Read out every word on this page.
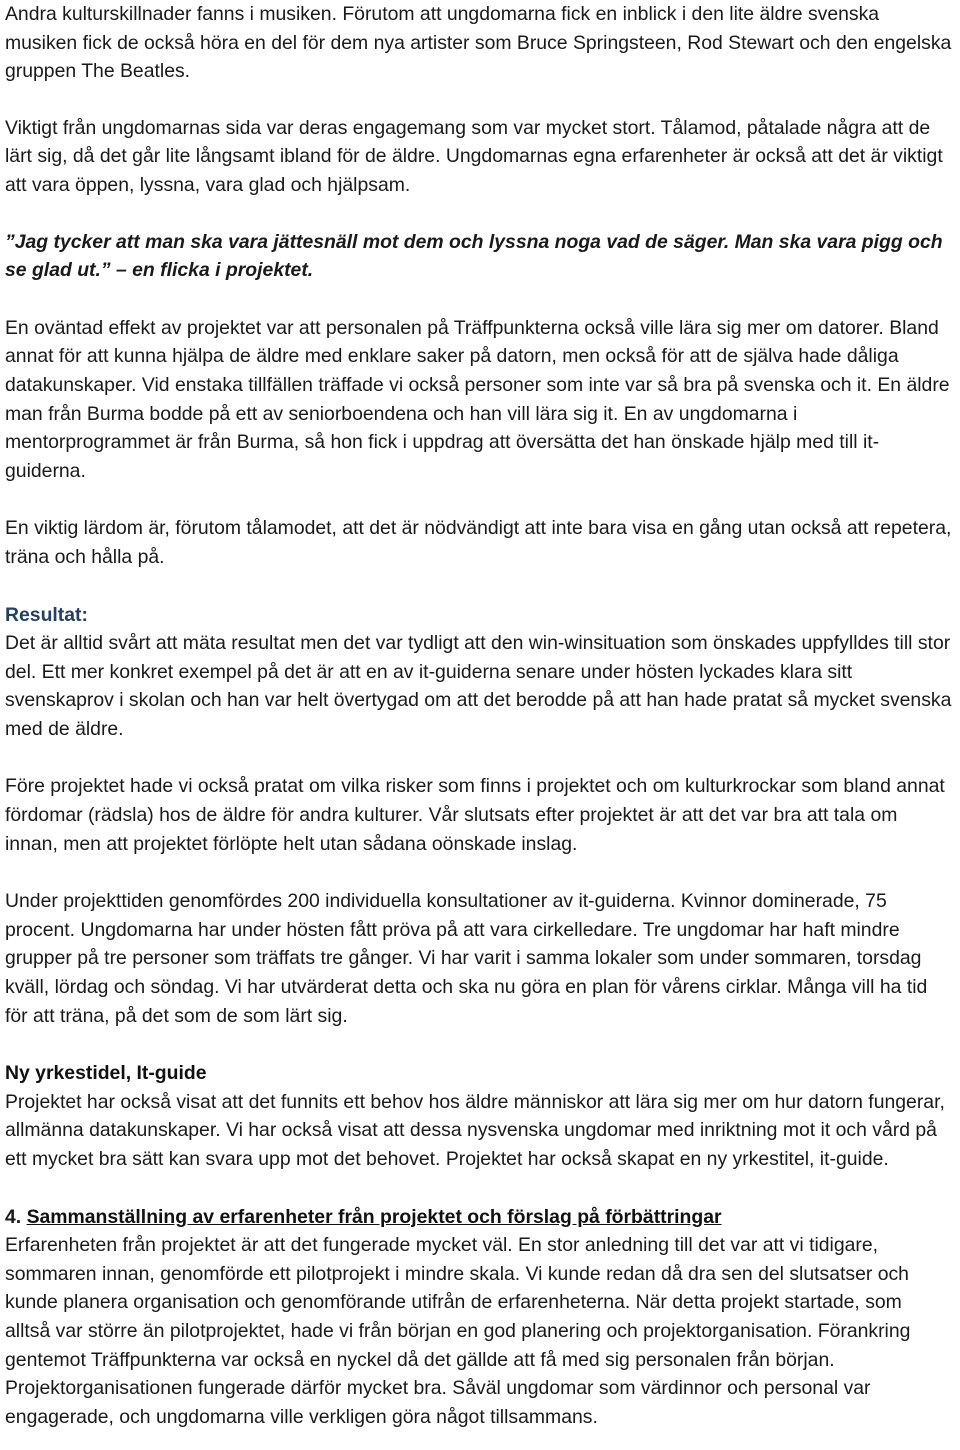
Andra kulturskillnader fanns i musiken. Förutom att ungdomarna fick en inblick i den lite äldre svenska musiken fick de också höra en del för dem nya artister som Bruce Springsteen, Rod Stewart och den engelska gruppen The Beatles.

Viktigt från ungdomarnas sida var deras engagemang som var mycket stort. Tålamod, påtalade några att de lärt sig, då det går lite långsamt ibland för de äldre. Ungdomarnas egna erfarenheter är också att det är viktigt att vara öppen, lyssna, vara glad och hjälpsam.

”Jag tycker att man ska vara jättesnäll mot dem och lyssna noga vad de säger. Man ska vara pigg och se glad ut.” – en flicka i projektet.

En oväntad effekt av projektet var att personalen på Träffpunkterna också ville lära sig mer om datorer. Bland annat för att kunna hjälpa de äldre med enklare saker på datorn, men också för att de själva hade dåliga datakunskaper. Vid enstaka tillfällen träffade vi också personer som inte var så bra på svenska och it. En äldre man från Burma bodde på ett av seniorboendena och han vill lära sig it. En av ungdomarna i mentorprogrammet är från Burma, så hon fick i uppdrag att översätta det han önskade hjälp med till it-guiderna.

En viktig lärdom är, förutom tålamodet, att det är nödvändigt att inte bara visa en gång utan också att repetera, träna och hålla på.

Resultat:

Det är alltid svårt att mäta resultat men det var tydligt att den win-winsituation som önskades uppfylldes till stor del. Ett mer konkret exempel på det är att en av it-guiderna senare under hösten lyckades klara sitt svenskaprov i skolan och han var helt övertygad om att det berodde på att han hade pratat så mycket svenska med de äldre.

Före projektet hade vi också pratat om vilka risker som finns i projektet och om kulturkrockar som bland annat fördomar (rädsla) hos de äldre för andra kulturer. Vår slutsats efter projektet är att det var bra att tala om innan, men att projektet förlöpte helt utan sådana oönskade inslag.

Under projekttiden genomfördes 200 individuella konsultationer av it-guiderna. Kvinnor dominerade, 75 procent. Ungdomarna har under hösten fått pröva på att vara cirkelledare. Tre ungdomar har haft mindre grupper på tre personer som träffats tre gånger. Vi har varit i samma lokaler som under sommaren, torsdag kväll, lördag och söndag. Vi har utvärderat detta och ska nu göra en plan för vårens cirklar. Många vill ha tid för att träna, på det som de som lärt sig.

Ny yrkestidel, It-guide

Projektet har också visat att det funnits ett behov hos äldre människor att lära sig mer om hur datorn fungerar, allmänna datakunskaper. Vi har också visat att dessa nysvenska ungdomar med inriktning mot it och vård på ett mycket bra sätt kan svara upp mot det behovet. Projektet har också skapat en ny yrkestitel, it-guide.

4. Sammanställning av erfarenheter från projektet och förslag på förbättringar

Erfarenheten från projektet är att det fungerade mycket väl. En stor anledning till det var att vi tidigare, sommaren innan, genomförde ett pilotprojekt i mindre skala. Vi kunde redan då dra sen del slutsatser och kunde planera organisation och genomförande utifrån de erfarenheterna. När detta projekt startade, som alltså var större än pilotprojektet, hade vi från början en god planering och projektorganisation. Förankring gentemot Träffpunkterna var också en nyckel då det gällde att få med sig personalen från början. Projektorganisationen fungerade därför mycket bra. Såväl ungdomar som värdinnor och personal var engagerade, och ungdomarna ville verkligen göra något tillsammans.
